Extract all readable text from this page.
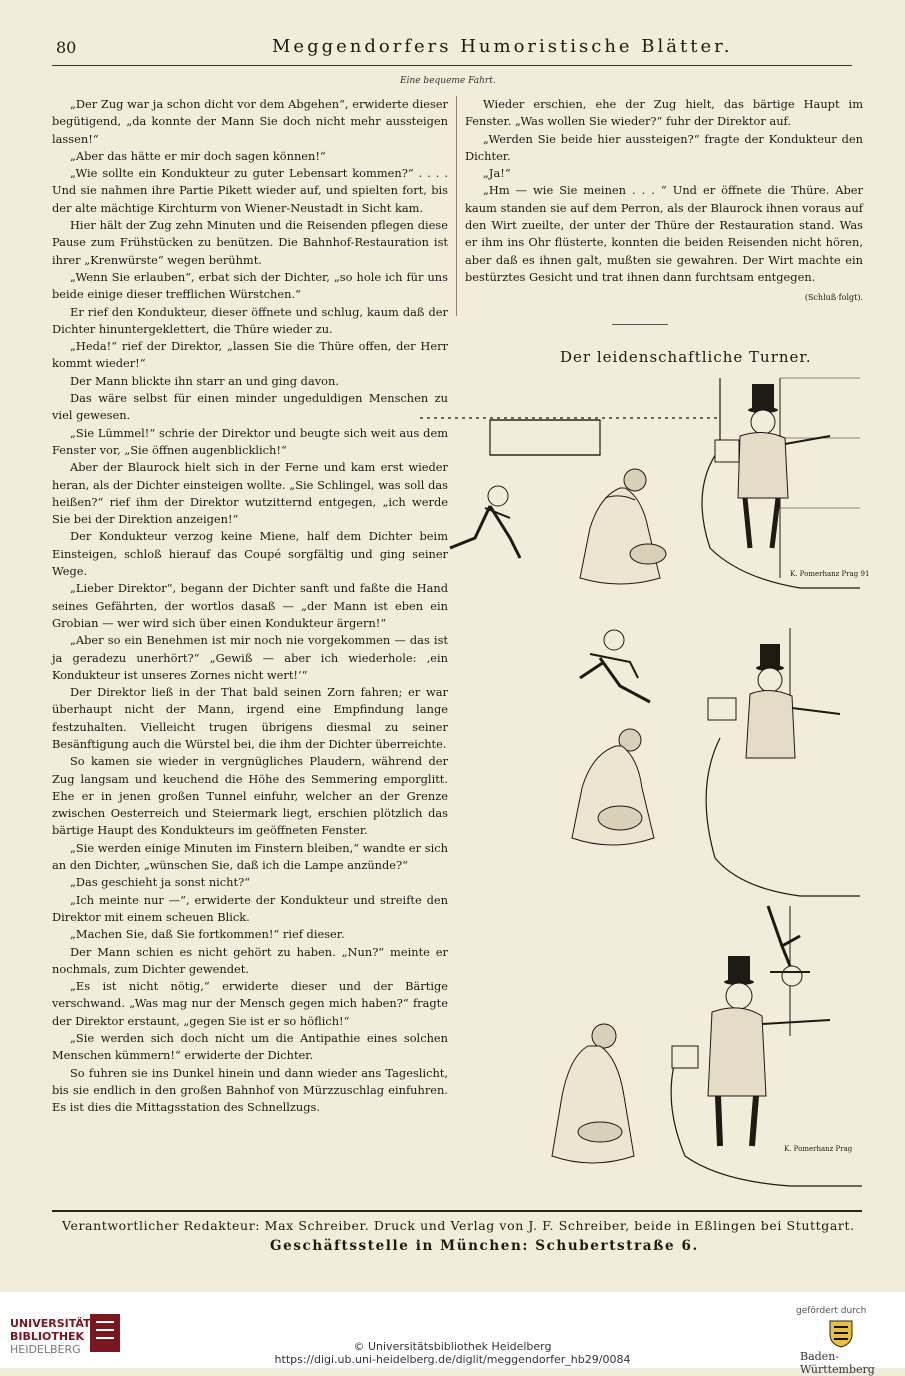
80	Meggendorfers Humoristische Blätter.
Eine bequeme Fahrt.

„Der Zug war ja schon dicht vor dem Abgehen“, erwiderte dieser begütigend, „da konnte der Mann Sie doch nicht mehr aussteigen lassen!“

„Aber das hätte er mir doch sagen können!“

„Wie sollte ein Kondukteur zu guter Lebensart kommen?“ . . . . Und sie nahmen ihre Partie Pikett wieder auf, und spielten fort, bis der alte mächtige Kirchturm von Wiener-Neustadt in Sicht kam.

Hier hält der Zug zehn Minuten und die Reisenden pflegen diese Pause zum Frühstücken zu benützen. Die Bahnhof-Restauration ist ihrer „Krenwürste“ wegen berühmt.

„Wenn Sie erlauben“, erbat sich der Dichter, „so hole ich für uns beide einige dieser trefflichen Würstchen.“

Er rief den Kondukteur, dieser öffnete und schlug, kaum daß der Dichter hinuntergeklettert, die Thüre wieder zu.

„Heda!“ rief der Direktor, „lassen Sie die Thüre offen, der Herr kommt wieder!“

Der Mann blickte ihn starr an und ging davon.

Das wäre selbst für einen minder ungeduldigen Menschen zu viel gewesen.

„Sie Lümmel!“ schrie der Direktor und beugte sich weit aus dem Fenster vor, „Sie öffnen augenblicklich!“

Aber der Blaurock hielt sich in der Ferne und kam erst wieder heran, als der Dichter einsteigen wollte. „Sie Schlingel, was soll das heißen?“ rief ihm der Direktor wutzitternd entgegen, „ich werde Sie bei der Direktion anzeigen!“

Der Kondukteur verzog keine Miene, half dem Dichter beim Einsteigen, schloß hierauf das Coupé sorgfältig und ging seiner Wege.

„Lieber Direktor“, begann der Dichter sanft und faßte die Hand seines Gefährten, der wortlos dasaß — „der Mann ist eben ein Grobian — wer wird sich über einen Kondukteur ärgern!“

„Aber so ein Benehmen ist mir noch nie vorgekommen — das ist ja geradezu unerhört?“ „Gewiß — aber ich wiederhole: ‚ein Kondukteur ist unseres Zornes nicht wert!‘“

Der Direktor ließ in der That bald seinen Zorn fahren; er war überhaupt nicht der Mann, irgend eine Empfindung lange festzuhalten. Vielleicht trugen übrigens diesmal zu seiner Besänftigung auch die Würstel bei, die ihm der Dichter überreichte.

So kamen sie wieder in vergnügliches Plaudern, während der Zug langsam und keuchend die Höhe des Semmering emporglitt. Ehe er in jenen großen Tunnel einfuhr, welcher an der Grenze zwischen Oesterreich und Steiermark liegt, erschien plötzlich das bärtige Haupt des Kondukteurs im geöffneten Fenster.

„Sie werden einige Minuten im Finstern bleiben,“ wandte er sich an den Dichter, „wünschen Sie, daß ich die Lampe anzünde?“

„Das geschieht ja sonst nicht?“

„Ich meinte nur —“, erwiderte der Kondukteur und streifte den Direktor mit einem scheuen Blick.

„Machen Sie, daß Sie fortkommen!“ rief dieser.

Der Mann schien es nicht gehört zu haben. „Nun?“ meinte er nochmals, zum Dichter gewendet.

„Es ist nicht nötig,“ erwiderte dieser und der Bärtige verschwand. „Was mag nur der Mensch gegen mich haben?“ fragte der Direktor erstaunt, „gegen Sie ist er so höflich!“

„Sie werden sich doch nicht um die Antipathie eines solchen Menschen kümmern!“ erwiderte der Dichter.

So fuhren sie ins Dunkel hinein und dann wieder ans Tageslicht, bis sie endlich in den großen Bahnhof von Mürzzuschlag einfuhren. Es ist dies die Mittagsstation des Schnellzugs.

Wieder erschien, ehe der Zug hielt, das bärtige Haupt im Fenster. „Was wollen Sie wieder?“ fuhr der Direktor auf.

„Werden Sie beide hier aussteigen?“ fragte der Kondukteur den Dichter.

„Ja!“

„Hm — wie Sie meinen . . . “ Und er öffnete die Thüre. Aber kaum standen sie auf dem Perron, als der Blaurock ihnen voraus auf den Wirt zueilte, der unter der Thüre der Restauration stand. Was er ihm ins Ohr flüsterte, konnten die beiden Reisenden nicht hören, aber daß es ihnen galt, mußten sie gewahren. Der Wirt machte ein bestürztes Gesicht und trat ihnen dann furchtsam entgegen.

(Schluß folgt).
Der leidenschaftliche Turner.
K. Pomerhanz Prag 91
K. Pomerhanz Prag
Verantwortlicher Redakteur: Max Schreiber. Druck und Verlag von J. F. Schreiber, beide in Eßlingen bei Stuttgart.
Geschäftsstelle in München: Schubertstraße 6.
UNIVERSITÄTS-
BIBLIOTHEK
HEIDELBERG	© Universitätsbibliothek Heidelberg
https://digi.ub.uni-heidelberg.de/diglit/meggendorfer_hb29/0084
gefördert durch
Baden-Württemberg
